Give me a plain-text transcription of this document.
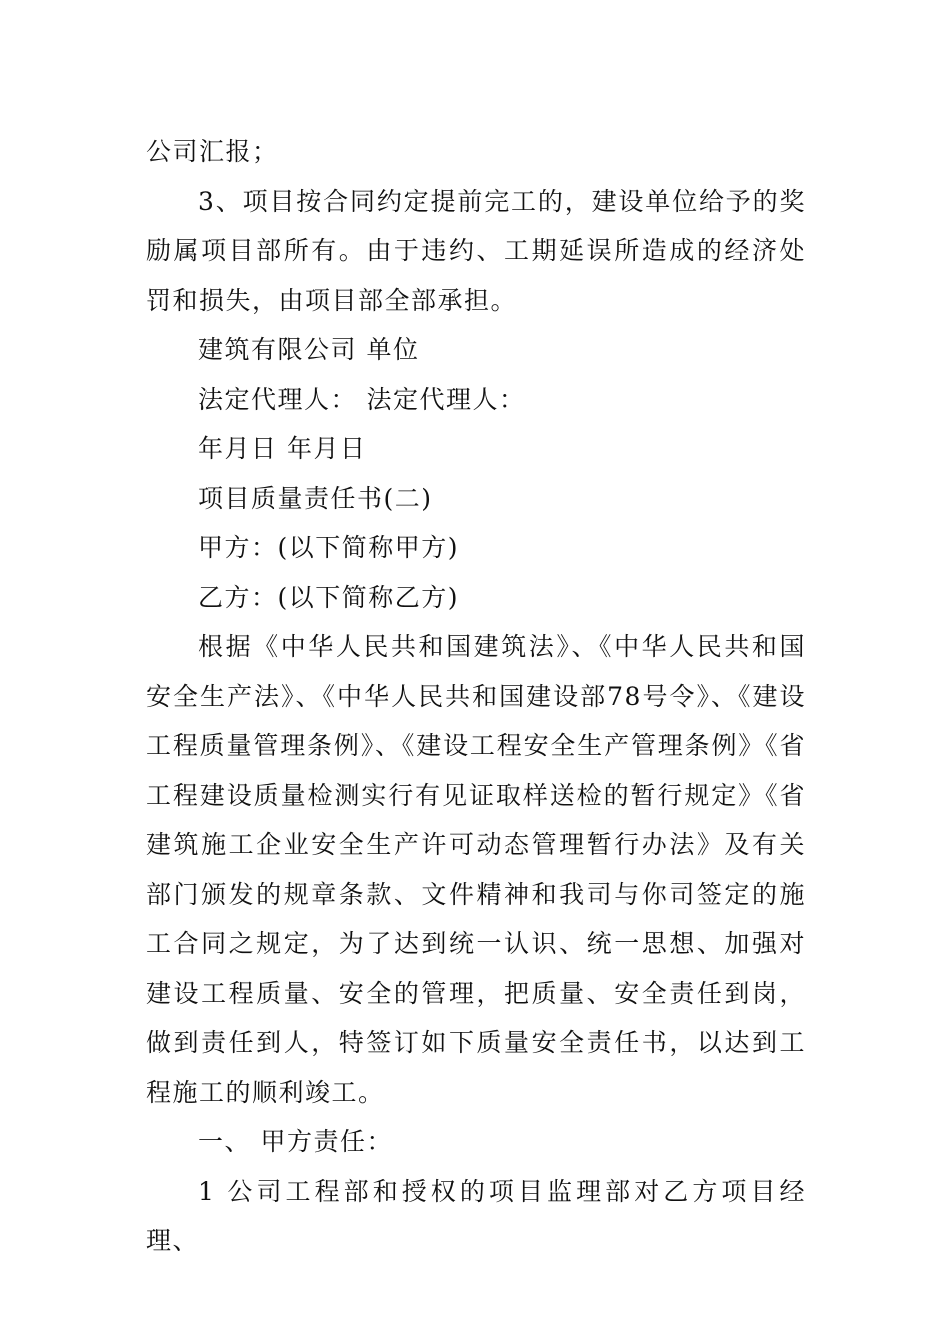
公司汇报；

3、项目按合同约定提前完工的，建设单位给予的奖励属项目部所有。由于违约、工期延误所造成的经济处罚和损失，由项目部全部承担。

建筑有限公司 单位

法定代理人： 法定代理人：

年月日 年月日

项目质量责任书(二)

甲方：(以下简称甲方)

乙方：(以下简称乙方)

根据《中华人民共和国建筑法》、《中华人民共和国安全生产法》、《中华人民共和国建设部78号令》、《建设工程质量管理条例》、《建设工程安全生产管理条例》《省工程建设质量检测实行有见证取样送检的暂行规定》《省建筑施工企业安全生产许可动态管理暂行办法》及有关部门颁发的规章条款、文件精神和我司与你司签定的施工合同之规定，为了达到统一认识、统一思想、加强对建设工程质量、安全的管理，把质量、安全责任到岗，做到责任到人，特签订如下质量安全责任书，以达到工程施工的顺利竣工。

一、 甲方责任：

1 公司工程部和授权的项目监理部对乙方项目经理、
